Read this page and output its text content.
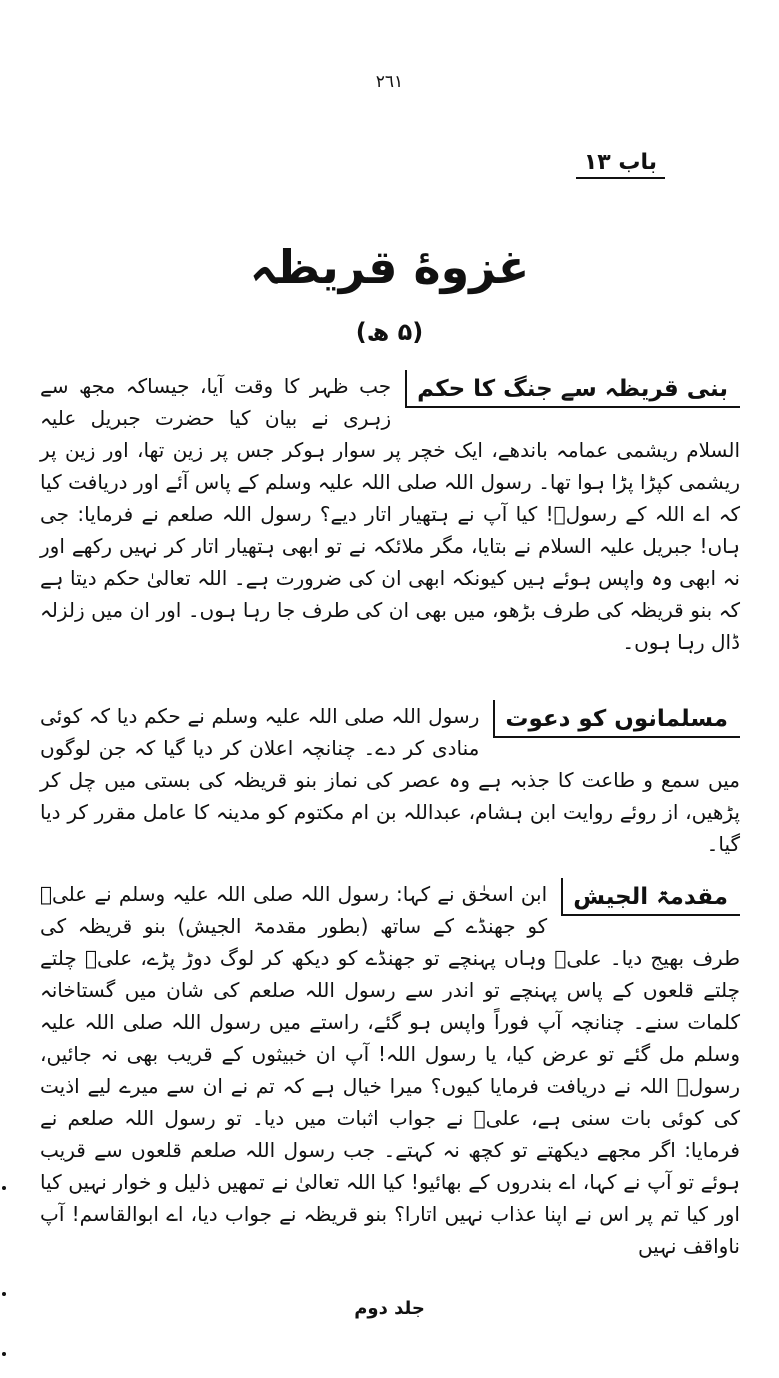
٢٦١
باب ۱۳
غزوهٔ قریظہ
(۵ ھ)
بنی قریظہ سے جنگ کا حکم

جب ظہر کا وقت آیا، جیساکہ مجھ سے زہری نے بیان کیا حضرت جبریل علیہ السلام ریشمی عمامہ باندھے، ایک خچر پر سوار ہوکر جس پر زین تھا، اور زین پر ریشمی کپڑا پڑا ہوا تھا۔ رسول اللہ صلی اللہ علیہ وسلم کے پاس آئے اور دریافت کیا کہ اے اللہ کے رسولؐ! کیا آپ نے ہتھیار اتار دیے؟ رسول اللہ صلعم نے فرمایا: جی ہاں! جبریل علیہ السلام نے بتایا، مگر ملائکہ نے تو ابھی ہتھیار اتار کر نہیں رکھے اور نہ ابھی وہ واپس ہوئے ہیں کیونکہ ابھی ان کی ضرورت ہے۔ اللہ تعالیٰ حکم دیتا ہے کہ بنو قریظہ کی طرف بڑھو، میں بھی ان کی طرف جا رہا ہوں۔ اور ان میں زلزلہ ڈال رہا ہوں۔

مسلمانوں کو دعوت

رسول اللہ صلی اللہ علیہ وسلم نے حکم دیا کہ کوئی منادی کر دے۔ چنانچہ اعلان کر دیا گیا کہ جن لوگوں میں سمع و طاعت کا جذبہ ہے وہ عصر کی نماز بنو قریظہ کی بستی میں چل کر پڑھیں، از روئے روایت ابن ہشام، عبداللہ بن ام مکتوم کو مدینہ کا عامل مقرر کر دیا گیا۔

مقدمۃ الجیش

ابن اسحٰق نے کہا: رسول اللہ صلی اللہ علیہ وسلم نے علیؓ کو جھنڈے کے ساتھ (بطور مقدمۃ الجیش) بنو قریظہ کی طرف بھیج دیا۔ علیؓ وہاں پہنچے تو جھنڈے کو دیکھ کر لوگ دوڑ پڑے، علیؓ چلتے چلتے قلعوں کے پاس پہنچے تو اندر سے رسول اللہ صلعم کی شان میں گستاخانہ کلمات سنے۔ چنانچہ آپ فوراً واپس ہو گئے، راستے میں رسول اللہ صلی اللہ علیہ وسلم مل گئے تو عرض کیا، یا رسول اللہ! آپ ان خبیثوں کے قریب بھی نہ جائیں، رسولؐ اللہ نے دریافت فرمایا کیوں؟ میرا خیال ہے کہ تم نے ان سے میرے لیے اذیت کی کوئی بات سنی ہے، علیؓ نے جواب اثبات میں دیا۔ تو رسول اللہ صلعم نے فرمایا: اگر مجھے دیکھتے تو کچھ نہ کہتے۔ جب رسول اللہ صلعم قلعوں سے قریب ہوئے تو آپ نے کہا، اے بندروں کے بھائیو! کیا اللہ تعالیٰ نے تمھیں ذلیل و خوار نہیں کیا اور کیا تم پر اس نے اپنا عذاب نہیں اتارا؟ بنو قریظہ نے جواب دیا، اے ابوالقاسم! آپ ناواقف نہیں

جلد دوم
